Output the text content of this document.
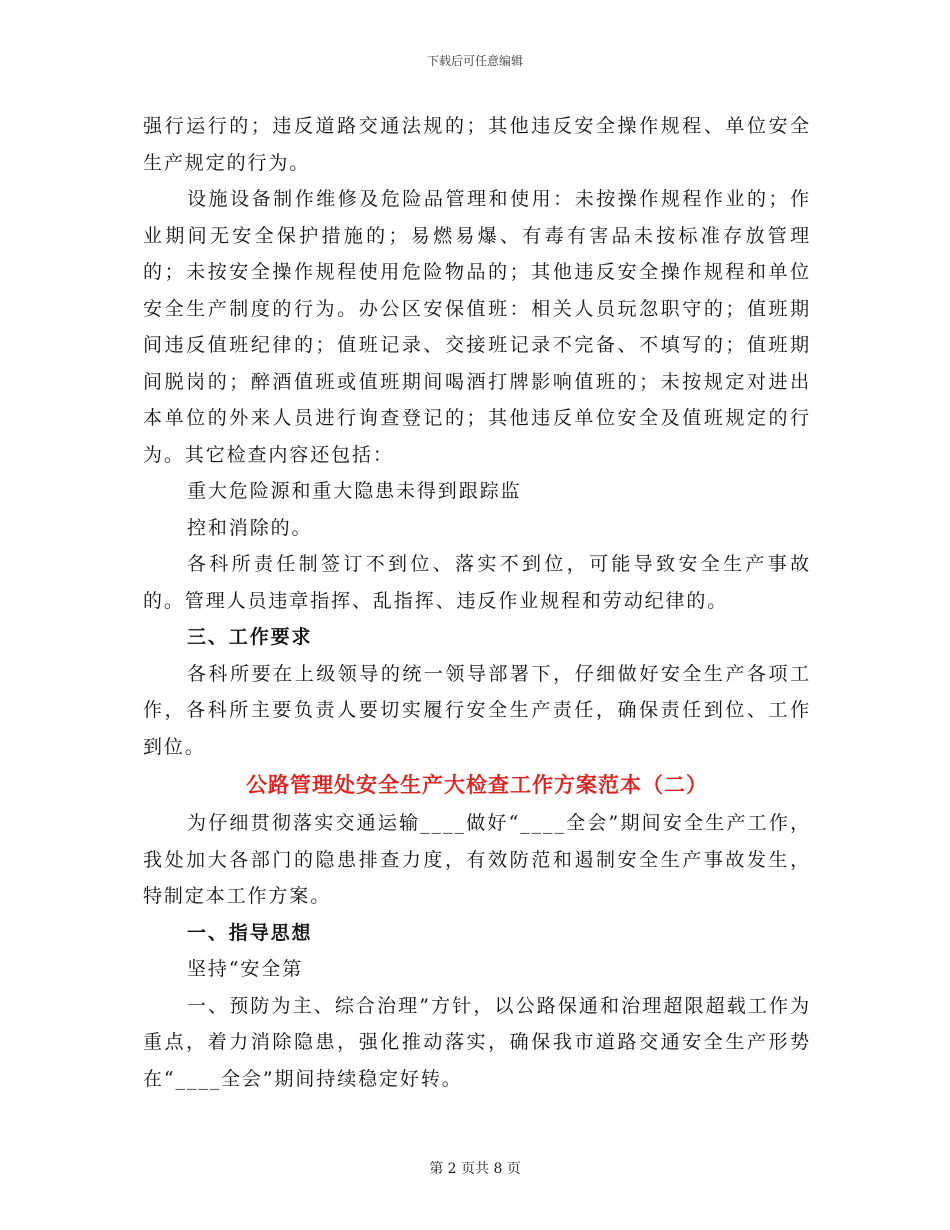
下载后可任意编辑

强行运行的；违反道路交通法规的；其他违反安全操作规程、单位安全生产规定的行为。

设施设备制作维修及危险品管理和使用：未按操作规程作业的；作业期间无安全保护措施的；易燃易爆、有毒有害品未按标准存放管理的；未按安全操作规程使用危险物品的；其他违反安全操作规程和单位安全生产制度的行为。办公区安保值班：相关人员玩忽职守的；值班期间违反值班纪律的；值班记录、交接班记录不完备、不填写的；值班期间脱岗的；醉酒值班或值班期间喝酒打牌影响值班的；未按规定对进出本单位的外来人员进行询查登记的；其他违反单位安全及值班规定的行为。其它检查内容还包括：

重大危险源和重大隐患未得到跟踪监

控和消除的。

各科所责任制签订不到位、落实不到位，可能导致安全生产事故的。管理人员违章指挥、乱指挥、违反作业规程和劳动纪律的。

三、工作要求

各科所要在上级领导的统一领导部署下，仔细做好安全生产各项工作，各科所主要负责人要切实履行安全生产责任，确保责任到位、工作到位。

公路管理处安全生产大检查工作方案范本（二）

为仔细贯彻落实交通运输____做好“____全会”期间安全生产工作，我处加大各部门的隐患排查力度，有效防范和遏制安全生产事故发生，特制定本工作方案。

一、指导思想

坚持“安全第

一、预防为主、综合治理”方针，以公路保通和治理超限超载工作为重点，着力消除隐患，强化推动落实，确保我市道路交通安全生产形势在“____全会”期间持续稳定好转。

第 2 页共 8 页
